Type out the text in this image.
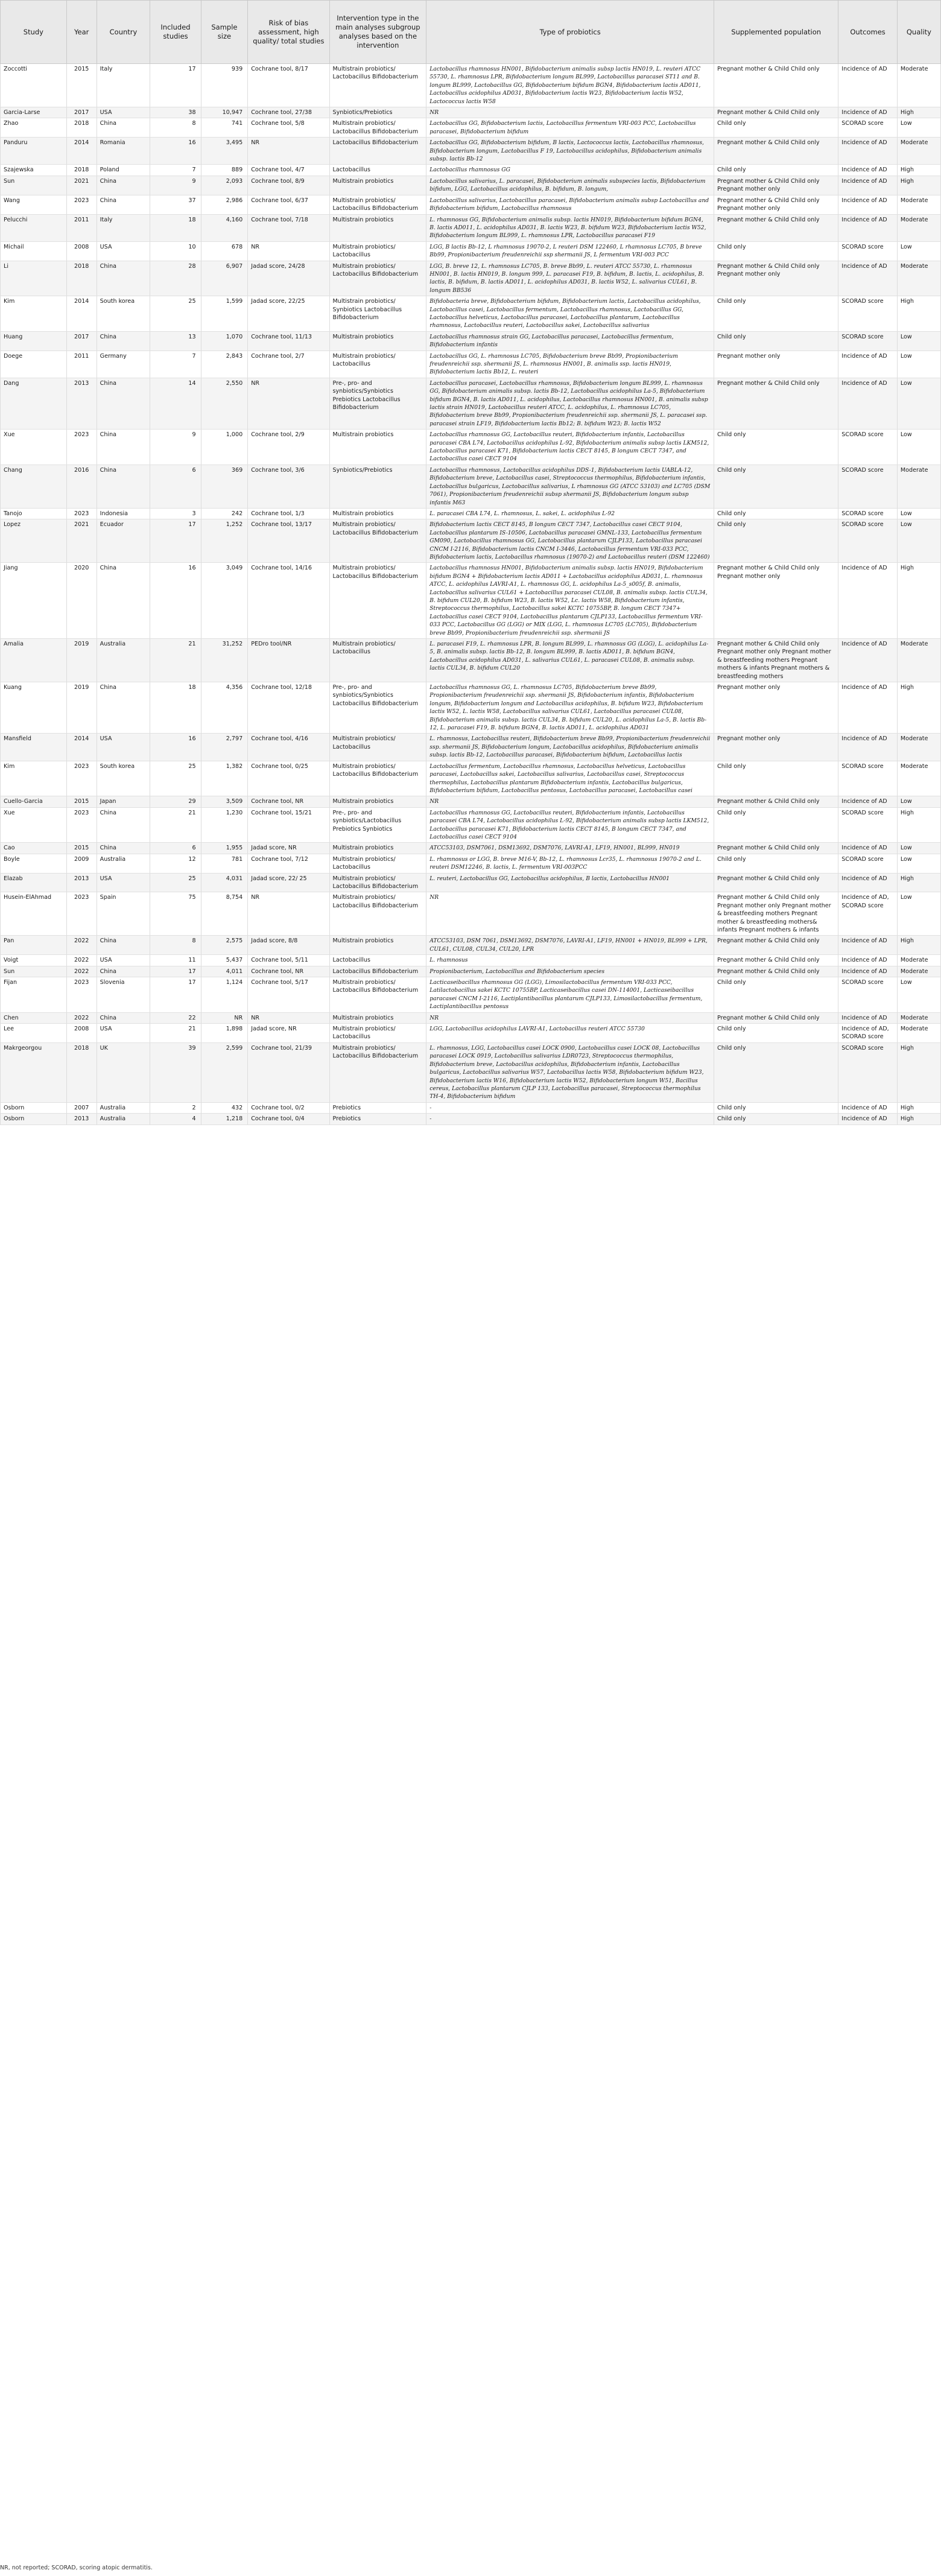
Study	Year	Country	Included studies	Sample size	Risk of bias assessment, high quality/ total studies	Intervention type in the main analyses subgroup analyses based on the intervention	Type of probiotics	Supplemented population	Outcomes	Quality
Zoccotti	2015	Italy	17	939	Cochrane tool, 8/17	Multistrain probiotics/ Lactobacillus Bifidobacterium	Lactobacillus rhamnosus HN001, Bifidobacterium animalis subsp lactis HN019, L. reuteri ATCC 55730, L. rhamnosus LPR, Bifidobacterium longum BL999, Lactobacillus paracasei ST11 and B. longum BL999, Lactobacillus GG, Bifidobacterium bifidum BGN4, Bifidobacterium lactis AD011, Lactobacillus acidophilus AD031, Bifidobacterium lactis W23, Bifidobacterium lactis W52, Lactococcus lactis W58	Pregnant mother & Child Child only	Incidence of AD	Moderate
Garcia-Larse	2017	USA	38	10,947	Cochrane tool, 27/38	Synbiotics/Prebiotics	NR	Pregnant mother & Child Child only	Incidence of AD	High
Zhao	2018	China	8	741	Cochrane tool, 5/8	Multistrain probiotics/ Lactobacillus Bifidobacterium	Lactobacillus GG, Bifidobacterium lactis, Lactobacillus fermentum VRI-003 PCC, Lactobacillus paracasei, Bifidobacterium bifidum	Child only	SCORAD score	Low
Panduru	2014	Romania	16	3,495	NR	Lactobacillus Bifidobacterium	Lactobacillus GG, Bifidobacterium bifidum, B lactis, Lactococcus lactis, Lactobacillus rhamnosus, Bifidobacterium longum, Lactobacillus F 19, Lactobacillus acidophilus, Bifidobacterium animalis subsp. lactis Bb-12	Pregnant mother & Child Child only	Incidence of AD	Moderate
Szajewska	2018	Poland	7	889	Cochrane tool, 4/7	Lactobacillus	Lactobacillus rhamnosus GG	Child only	Incidence of AD	High
Sun	2021	China	9	2,093	Cochrane tool, 8/9	Multistrain probiotics	Lactobacillus salivarius, L. paracasei, Bifidobacterium animalis subspecies lactis, Bifidobacterium bifidum, LGG, Lactobacillus acidophilus, B. bifidum, B. longum,	Pregnant mother & Child Child only Pregnant mother only	Incidence of AD	High
Wang	2023	China	37	2,986	Cochrane tool, 6/37	Multistrain probiotics/ Lactobacillus Bifidobacterium	Lactobacillus salivarius, Lactobacillus paracasei, Bifidobacterium animalis subsp Lactobacillus and Bifidobacterium bifidum, Lactobacillus rhamnosus	Pregnant mother & Child Child only Pregnant mother only	Incidence of AD	Moderate
Pelucchi	2011	Italy	18	4,160	Cochrane tool, 7/18	Multistrain probiotics	L. rhamnosus GG, Bifidobacterium animalis subsp. lactis HN019, Bifidobacterium bifidum BGN4, B. lactis AD011, L. acidophilus AD031, B. lactis W23, B. bifidum W23, Bifidobacterium lactis W52, Bifidobacterium longum BL999, L. rhamnosus LPR, Lactobacillus paracasei F19	Pregnant mother & Child Child only	Incidence of AD	Moderate
Michail	2008	USA	10	678	NR	Multistrain probiotics/ Lactobacillus	LGG, B lactis Bb-12, L rhamnosus 19070-2, L reuteri DSM 122460, L rhamnosus LC705, B breve Bb99, Propionibacterium freudenreichii ssp shermanii JS, L fermentum VRI-003 PCC	Child only	SCORAD score	Low
Li	2018	China	28	6,907	Jadad score, 24/28	Multistrain probiotics/ Lactobacillus Bifidobacterium	LGG, B. breve 12, L. rhamnosus LC705, B. breve Bb99, L. reuteri ATCC 55730, L. rhamnosus HN001, B. lactis HN019, B. longum 999, L. paracasei F19, B. bifidum, B. lactis, L. acidophilus, B. lactis, B. bifidum, B. lactis AD011, L. acidophilus AD031, B. lactis W52, L. salivarius CUL61, B. longum BB536	Pregnant mother & Child Child only Pregnant mother only	Incidence of AD	Moderate
Kim	2014	South korea	25	1,599	Jadad score, 22/25	Multistrain probiotics/ Synbiotics Lactobacillus Bifidobacterium	Bifidobacteria breve, Bifidobacterium bifidum, Bifidobacterium lactis, Lactobacillus acidophilus, Lactobacillus casei, Lactobacillus fermentum, Lactobacillus rhamnosus, Lactobacillus GG, Lactobacillus helveticus, Lactobacillus paracasei, Lactobacillus plantarum, Lactobacillus rhamnosus, Lactobacillus reuteri, Lactobacillus sakei, Lactobacillus salivarius	Child only	SCORAD score	High
Huang	2017	China	13	1,070	Cochrane tool, 11/13	Multistrain probiotics	Lactobacillus rhamnosus strain GG, Lactobacillus paracasei, Lactobacillus fermentum, Bifidobacterium infantis	Child only	SCORAD score	Low
Doege	2011	Germany	7	2,843	Cochrane tool, 2/7	Multistrain probiotics/ Lactobacillus	Lactobacillus GG, L. rhamnosus LC705, Bifidobacterium breve Bb99, Propionibacterium freudenreichii ssp. shermanii JS, L. rhamnosus HN001, B. animalis ssp. lactis HN019, Bifidobacterium lactis Bb12, L. reuteri	Pregnant mother only	Incidence of AD	Low
Dang	2013	China	14	2,550	NR	Pre-, pro- and synbiotics/Synbiotics Prebiotics Lactobacillus Bifidobacterium	Lactobacillus paracasei, Lactobacillus rhamnosus, Bifidobacterium longum BL999, L. rhamnosus GG, Bifidobacterium animalis subsp. lactis Bb-12, Lactobacillus acidophilus La-5, Bifidobacterium bifidum BGN4, B. lactis AD011, L. acidophilus, Lactobacillus rhamnosus HN001, B. animalis subsp lactis strain HN019, Lactobacillus reuteri ATCC, L. acidophilus, L. rhamnosus LC705, Bifidobacterium breve Bb99, Propionibacterium freudenreichii ssp. shermanii JS, L. paracasei ssp. paracasei strain LF19, Bifidobacterium lactis Bb12; B. bifidum W23; B. lactis W52	Pregnant mother & Child Child only	Incidence of AD	Low
Xue	2023	China	9	1,000	Cochrane tool, 2/9	Multistrain probiotics	Lactobacillus rhamnosus GG, Lactobacillus reuteri, Bifidobacterium infantis, Lactobacillus paracasei CBA L74, Lactobacillus acidophilus L-92, Bifidobacterium animalis subsp lactis LKM512, Lactobacillus paracasei K71, Bifidobacterium lactis CECT 8145, B longum CECT 7347, and Lactobacillus casei CECT 9104	Child only	SCORAD score	Low
Chang	2016	China	6	369	Cochrane tool, 3/6	Synbiotics/Prebiotics	Lactobacillus rhamnosus, Lactobacillus acidophilus DDS-1, Bifidobacterium lactis UABLA-12, Bifidobacterium breve, Lactobacillus casei, Streptococcus thermophilus, Bifidobacterium infantis, Lactobacillus bulgaricus, Lactobacillus salivarius, L rhamnosus GG (ATCC 53103) and LC705 (DSM 7061), Propionibacterium freudenreichii subsp shermanii JS, Bifidobacterium longum subsp infantis M63	Child only	SCORAD score	Moderate
Tanojo	2023	Indonesia	3	242	Cochrane tool, 1/3	Multistrain probiotics	L. paracasei CBA L74, L. rhamnosus, L. sakei, L. acidophilus L-92	Child only	SCORAD score	Low
Lopez	2021	Ecuador	17	1,252	Cochrane tool, 13/17	Multistrain probiotics/ Lactobacillus Bifidobacterium	Bifidobacterium lactis CECT 8145, B longum CECT 7347, Lactobacillus casei CECT 9104, Lactobacillus plantarum IS-10506, Lactobacillus paracasei GMNL-133, Lactobacillus fermentum GM090, Lactobacillus rhamnosus GG, Lactobacillus plantarum CJLP133, Lactobacillus paracasei CNCM I-2116, Bifidobacterium lactis CNCM I-3446, Lactobacillus fermentum VRI-033 PCC, Bifidobacterium lactis, Lactobacillus rhamnosus (19070-2) and Lactobacillus reuteri (DSM 122460)	Child only	SCORAD score	Low
Jiang	2020	China	16	3,049	Cochrane tool, 14/16	Multistrain probiotics/ Lactobacillus Bifidobacterium	Lactobacillus rhamnosus HN001, Bifidobacterium animalis subsp. lactis HN019, Bifidobacterium bifidum BGN4 + Bifidobacterium lactis AD011 + Lactobacillus acidophilus AD031, L. rhamnosus ATCC, L. acidophilus LAVRI-A1, L. rhamnosus GG, L. acidophilus La-5_s005f, B. animalis, Lactobacillus salivarius CUL61 + Lactobacillus paracasei CUL08, B. animalis subsp. lactis CUL34, B. bifidum CUL20, B. bifidum W23, B. lactis W52, Lc. lactis W58, Bifidobacterium infantis, Streptococcus thermophilus, Lactobacillus sakei KCTC 10755BP, B. longum CECT 7347+ Lactobacillus casei CECT 9104, Lactobacillus plantarum CJLP133, Lactobacillus fermentum VRI-033 PCC, Lactobacillus GG (LGG) or MIX (LGG, L. rhamnosus LC705 (LC705), Bifidobacterium breve Bb99, Propionibacterium freudenreichii ssp. shermanii JS	Pregnant mother & Child Child only Pregnant mother only	Incidence of AD	High
Amalia	2019	Australia	21	31,252	PEDro tool/NR	Multistrain probiotics/ Lactobacillus	L. paracasei F19, L. rhamnosus LPR, B. longum BL999, L. rhamnosus GG (LGG), L. acidophilus La-5, B. animalis subsp. lactis Bb-12, B. longum BL999, B. lactis AD011, B. bifidum BGN4, Lactobacillus acidophilus AD031, L. salivarius CUL61, L. paracasei CUL08, B. animalis subsp. lactis CUL34, B. bifidum CUL20	Pregnant mother & Child Child only Pregnant mother only Pregnant mother & breastfeeding mothers Pregnant mothers & infants Pregnant mothers & breastfeeding mothers	Incidence of AD	Moderate
Kuang	2019	China	18	4,356	Cochrane tool, 12/18	Pre-, pro- and synbiotics/Synbiotics Lactobacillus Bifidobacterium	Lactobacillus rhamnosus GG, L. rhamnosus LC705, Bifidobacterium breve Bb99, Propionibacterium freudenreichii ssp. shermanii JS, Bifidobacterium infantis, Bifidobacterium longum, Bifidobacterium longum and Lactobacillus acidophilus, B. bifidum W23, Bifidobacterium lactis W52, L. lactis W58, Lactobacillus salivarius CUL61, Lactobacillus paracasei CUL08, Bifidobacterium animalis subsp. lactis CUL34, B. bifidum CUL20, L. acidophilus La-5, B. lactis Bb-12, L. paracasei F19, B. bifidum BGN4, B. lactis AD011, L. acidophilus AD031	Pregnant mother only	Incidence of AD	High
Mansfield	2014	USA	16	2,797	Cochrane tool, 4/16	Multistrain probiotics/ Lactobacillus	L. rhamnosus, Lactobacillus reuteri, Bifidobacterium breve Bb99, Propionibacterium freudenreichii ssp. shermanii JS, Bifidobacterium longum, Lactobacillus acidophilus, Bifidobacterium animalis subsp. lactis Bb-12, Lactobacillus paracasei, Bifidobacterium bifidum, Lactobacillus lactis	Pregnant mother only	Incidence of AD	Moderate
Kim	2023	South korea	25	1,382	Cochrane tool, 0/25	Multistrain probiotics/ Lactobacillus Bifidobacterium	Lactobacillus fermentum, Lactobacillus rhamnosus, Lactobacillus helveticus, Lactobacillus paracasei, Lactobacillus sakei, Lactobacillus salivarius, Lactobacillus casei, Streptococcus thermophilus, Lactobacillus plantarum Bifidobacterium infantis, Lactobacillus bulgaricus, Bifidobacterium bifidum, Lactobacillus pentosus, Lactobacillus paracasei, Lactobacillus casei	Child only	SCORAD score	Moderate
Cuello-Garcia	2015	Japan	29	3,509	Cochrane tool, NR	Multistrain probiotics	NR	Pregnant mother & Child Child only	Incidence of AD	Low
Xue	2023	China	21	1,230	Cochrane tool, 15/21	Pre-, pro- and synbiotics/Lactobacillus Prebiotics Synbiotics	Lactobacillus rhamnosus GG, Lactobacillus reuteri, Bifidobacterium infantis, Lactobacillus paracasei CBA L74, Lactobacillus acidophilus L-92, Bifidobacterium animalis subsp lactis LKM512, Lactobacillus paracasei K71, Bifidobacterium lactis CECT 8145, B longum CECT 7347, and Lactobacillus casei CECT 9104	Child only	SCORAD score	High
Cao	2015	China	6	1,955	Jadad score, NR	Multistrain probiotics	ATCC53103, DSM7061, DSM13692, DSM7076, LAVRI-A1, LF19, HN001, BL999, HN019	Pregnant mother & Child Child only	Incidence of AD	Low
Boyle	2009	Australia	12	781	Cochrane tool, 7/12	Multistrain probiotics/ Lactobacillus	L. rhamnosus or LGG, B. breve M16-V, Bb-12, L. rhamnosus Lcr35, L. rhamnosus 19070-2 and L. reuteri DSM12246, B. lactis, L. fermentum VRI-003PCC	Child only	SCORAD score	Low
Elazab	2013	USA	25	4,031	Jadad score, 22/ 25	Multistrain probiotics/ Lactobacillus Bifidobacterium	L. reuteri, Lactobacillus GG, Lactobacillus acidophilus, B lactis, Lactobacillus HN001	Pregnant mother & Child Child only	Incidence of AD	High
Husein-ElAhmad	2023	Spain	75	8,754	NR	Multistrain probiotics/ Lactobacillus Bifidobacterium	NR	Pregnant mother & Child Child only Pregnant mother only Pregnant mother & breastfeeding mothers Pregnant mother & breastfeeding mothers& infants Pregnant mothers & infants	Incidence of AD, SCORAD score	Low
Pan	2022	China	8	2,575	Jadad score, 8/8	Multistrain probiotics	ATCC53103, DSM 7061, DSM13692, DSM7076, LAVRI-A1, LF19, HN001 + HN019, BL999 + LPR, CUL61, CUL08, CUL34, CUL20, LPR	Pregnant mother & Child Child only	Incidence of AD	High
Voigt	2022	USA	11	5,437	Cochrane tool, 5/11	Lactobacillus	L. rhamnosus	Pregnant mother & Child Child only	Incidence of AD	Moderate
Sun	2022	China	17	4,011	Cochrane tool, NR	Lactobacillus Bifidobacterium	Propionibacterium, Lactobacillus and Bifidobacterium species	Pregnant mother & Child Child only	Incidence of AD	Moderate
Fijan	2023	Slovenia	17	1,124	Cochrane tool, 5/17	Multistrain probiotics/ Lactobacillus Bifidobacterium	Lacticaseibacillus rhamnosus GG (LGG), Limosilactobacillus fermentum VRI-033 PCC, Latilactobacillus sakei KCTC 10755BP, Lacticaseibacillus casei DN-114001, Lacticaseibacillus paracasei CNCM I-2116, Lactiplantibacillus plantarum CJLP133, Limosilactobacillus fermentum, Lactiplantibacillus pentosus	Child only	SCORAD score	Low
Chen	2022	China	22	NR	NR	Multistrain probiotics	NR	Pregnant mother & Child Child only	Incidence of AD	Moderate
Lee	2008	USA	21	1,898	Jadad score, NR	Multistrain probiotics/ Lactobacillus	LGG, Lactobacillus acidophilus LAVRI-A1, Lactobacillus reuteri ATCC 55730	Child only	Incidence of AD, SCORAD score	Moderate
Makrgeorgou	2018	UK	39	2,599	Cochrane tool, 21/39	Multistrain probiotics/ Lactobacillus Bifidobacterium	L. rhamnosus, LGG, Lactobacillus casei LOCK 0900, Lactobacillus casei LOCK 08, Lactobacillus paracasei LOCK 0919, Lactobacillus salivarius LDR0723, Streptococcus thermophilus, Bifidobacterium breve, Lactobacillus acidophilus, Bifidobacterium infantis, Lactobacillus bulgaricus, Lactobacillus salivarius W57, Lactobacillus lactis W58, Bifidobacterium bifidum W23, Bifidobacterium lactis W16, Bifidobacterium lactis W52, Bifidobacterium longum W51, Bacillus cereus, Lactobacillus plantarum CJLP 133, Lactobacillus paracasei, Streptococcus thermophilus TH-4, Bifidobacterium bifidum	Child only	SCORAD score	High
Osborn	2007	Australia	2	432	Cochrane tool, 0/2	Prebiotics	-	Child only	Incidence of AD	High
Osborn	2013	Australia	4	1,218	Cochrane tool, 0/4	Prebiotics	-	Child only	Incidence of AD	High
NR, not reported; SCORAD, scoring atopic dermatitis.
